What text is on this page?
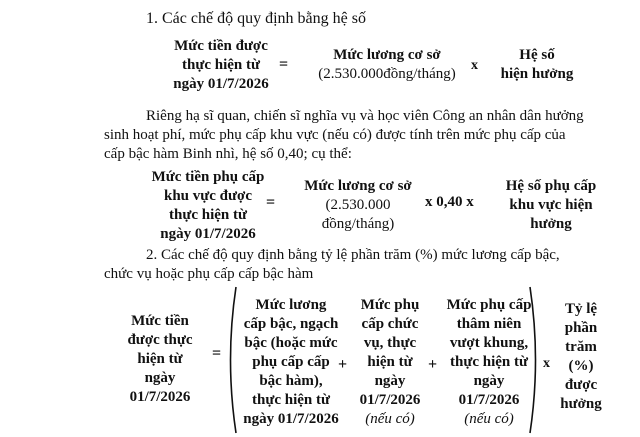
1. Các chế độ quy định bằng hệ số
Mức tiền được
thực hiện từ
ngày 01/7/2026
=
Mức lương cơ sở
(2.530.000đồng/tháng)
x
Hệ số
hiện hưởng
Riêng hạ sĩ quan, chiến sĩ nghĩa vụ và học viên Công an nhân dân hưởng
sinh hoạt phí, mức phụ cấp khu vực (nếu có) được tính trên mức phụ cấp của
cấp bậc hàm Binh nhì, hệ số 0,40; cụ thể:
Mức tiền phụ cấp
khu vực được
thực hiện từ
ngày 01/7/2026
=
Mức lương cơ sở
(2.530.000
đồng/tháng)
x 0,40 x
Hệ số phụ cấp
khu vực hiện
hưởng
2. Các chế độ quy định bằng tỷ lệ phần trăm (%) mức lương cấp bậc,
chức vụ hoặc phụ cấp cấp bậc hàm
Mức tiền
được thực
hiện từ
ngày
01/7/2026
=
Mức lương
cấp bậc, ngạch
bậc (hoặc mức
phụ cấp cấp
bậc hàm),
thực hiện từ
ngày 01/7/2026
+
Mức phụ
cấp chức
vụ, thực
hiện từ
ngày
01/7/2026
(nếu có)
+
Mức phụ cấp
thâm niên
vượt khung,
thực hiện từ
ngày
01/7/2026
(nếu có)
x
Tỷ lệ
phần
trăm
(%)
được
hưởng
